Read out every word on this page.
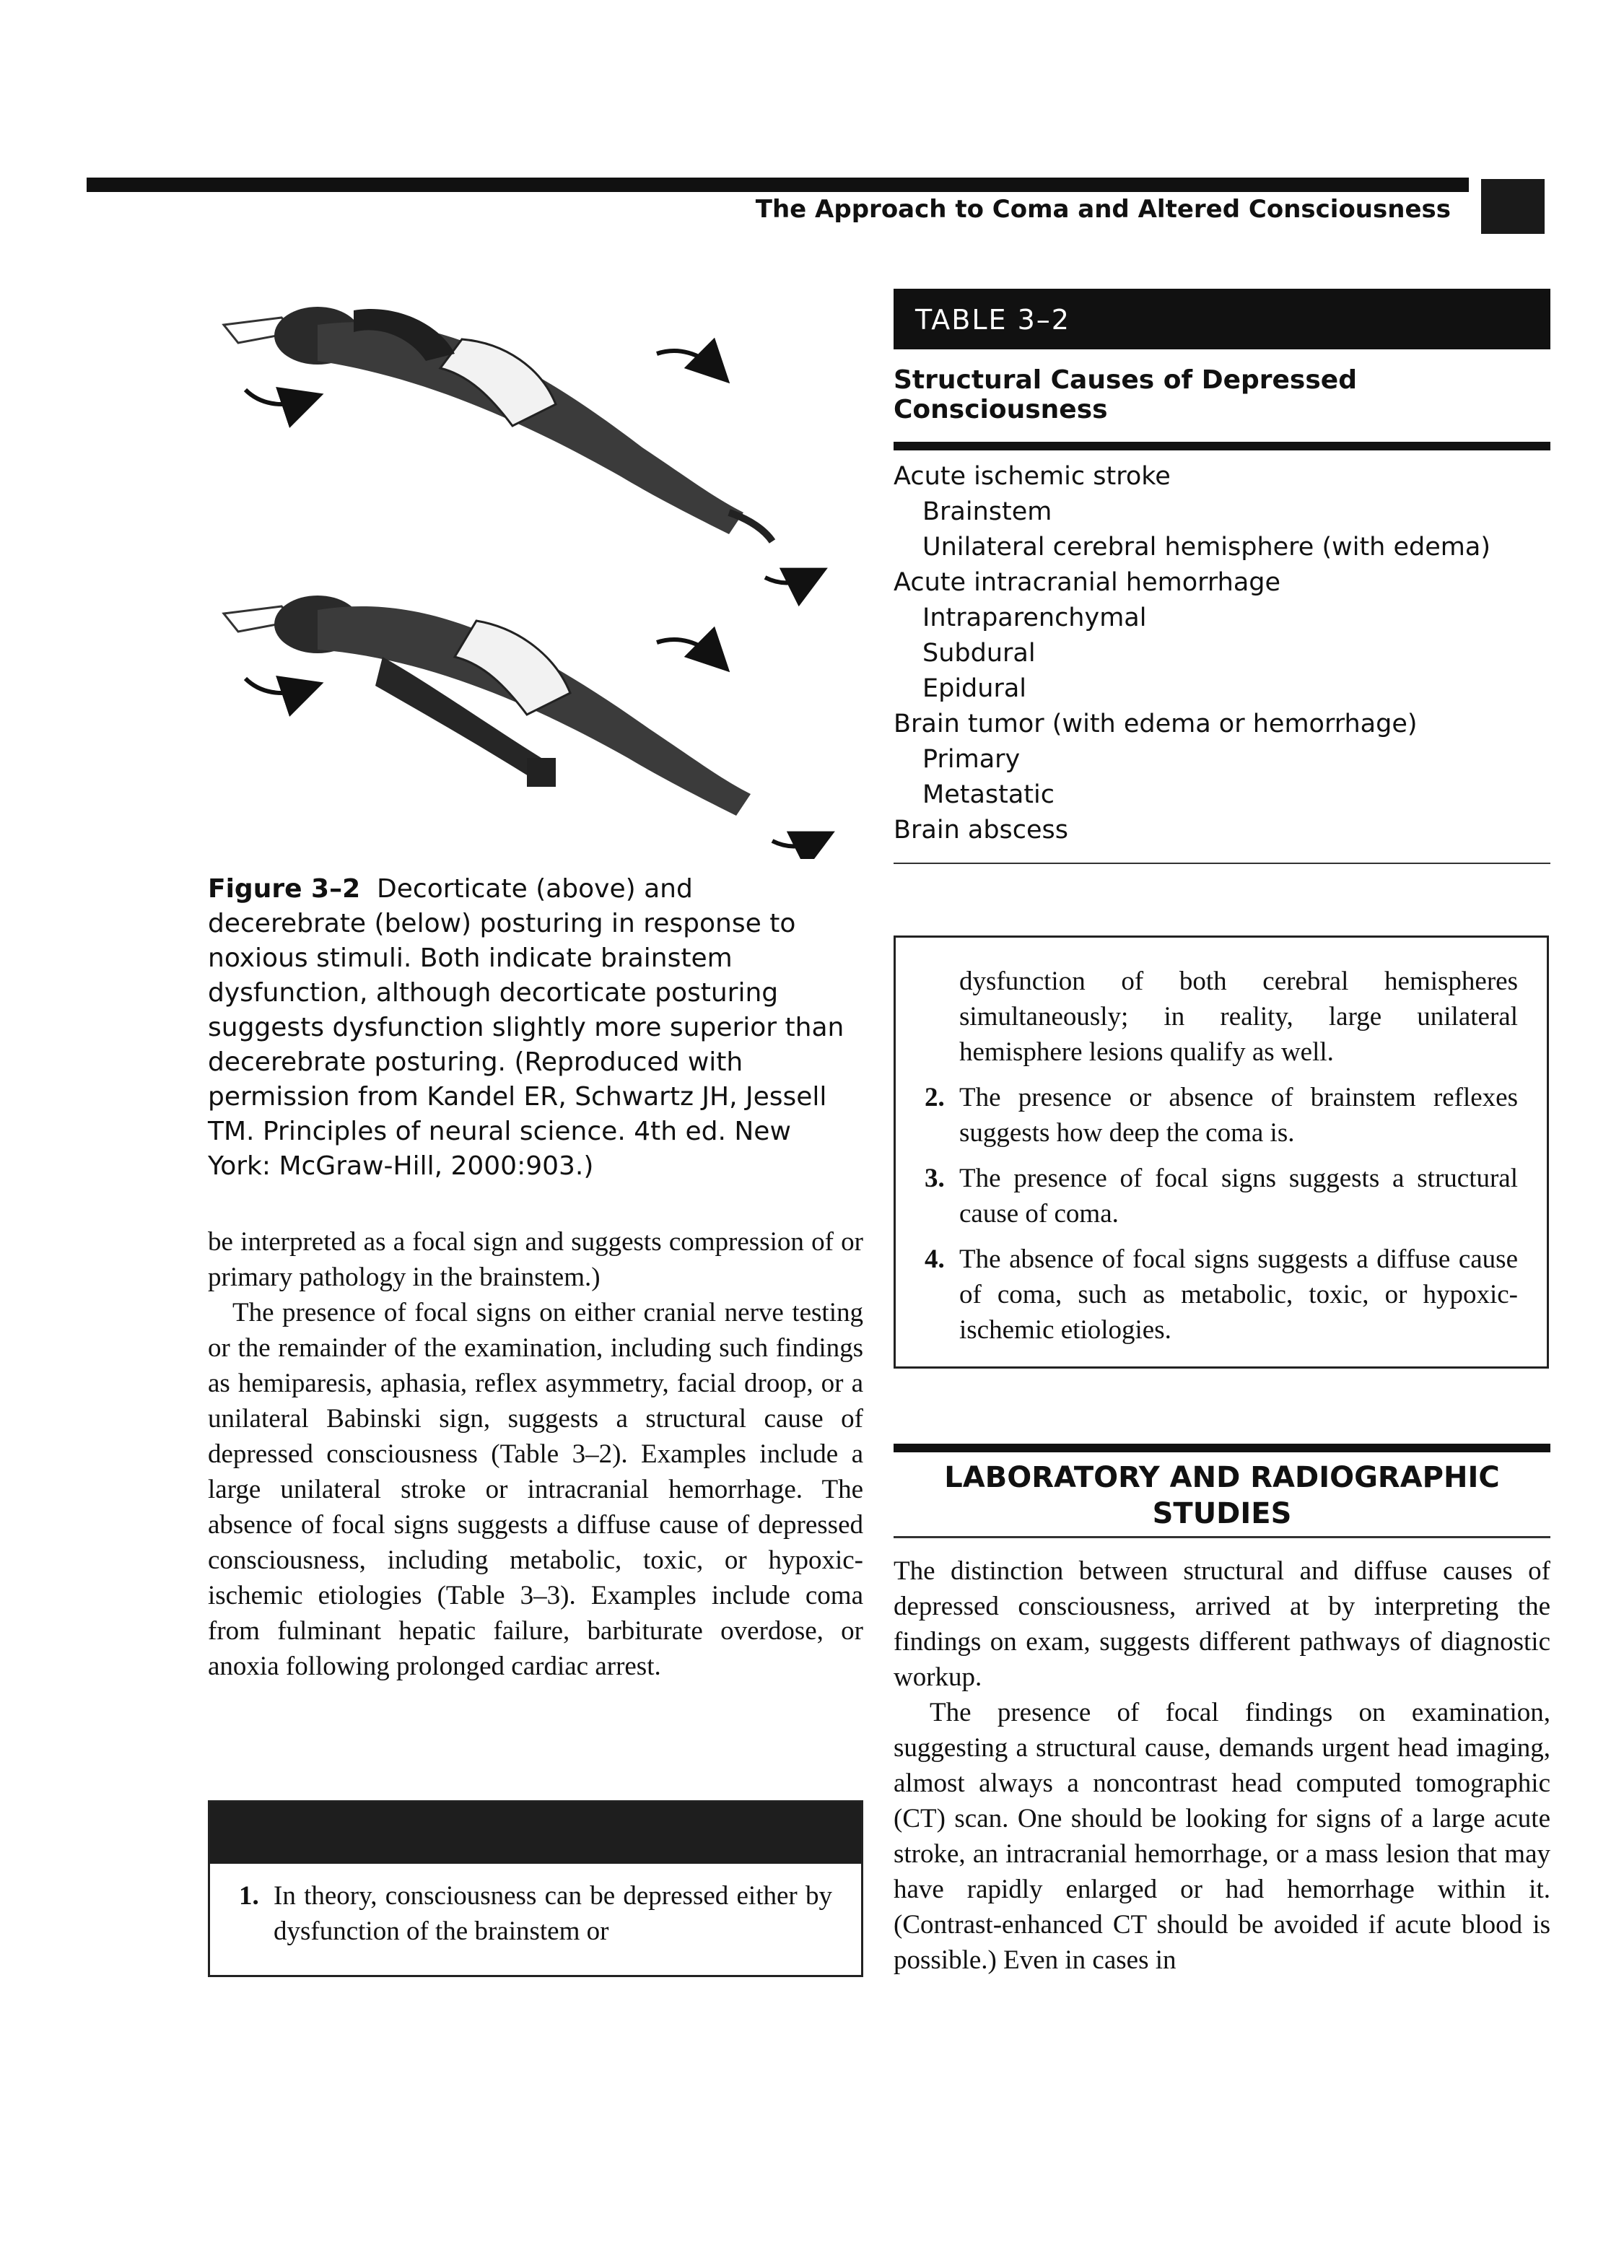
The Approach to Coma and Altered Consciousness
Figure 3–2 Decorticate (above) and decerebrate (below) posturing in response to noxious stimuli. Both indicate brainstem dysfunction, although decorticate posturing suggests dysfunction slightly more superior than decerebrate posturing. (Reproduced with permission from Kandel ER, Schwartz JH, Jessell TM. Principles of neural science. 4th ed. New York: McGraw-Hill, 2000:903.)

be interpreted as a focal sign and suggests compression of or primary pathology in the brainstem.)

The presence of focal signs on either cranial nerve testing or the remainder of the examination, including such findings as hemiparesis, aphasia, reflex asymmetry, facial droop, or a unilateral Babinski sign, suggests a structural cause of depressed consciousness (Table 3–2). Examples include a large unilateral stroke or intracranial hemorrhage. The absence of focal signs suggests a diffuse cause of depressed consciousness, including metabolic, toxic, or hypoxic-ischemic etiologies (Table 3–3). Examples include coma from fulminant hepatic failure, barbiturate overdose, or anoxia following prolonged cardiac arrest.

1. In theory, consciousness can be depressed either by dysfunction of the brainstem or
TABLE 3–2
Structural Causes of Depressed Consciousness
Acute ischemic stroke
Brainstem
Unilateral cerebral hemisphere (with edema)
Acute intracranial hemorrhage
Intraparenchymal
Subdural
Epidural
Brain tumor (with edema or hemorrhage)
Primary
Metastatic
Brain abscess
dysfunction of both cerebral hemispheres simultaneously; in reality, large unilateral hemisphere lesions qualify as well.
2. The presence or absence of brainstem reflexes suggests how deep the coma is.
3. The presence of focal signs suggests a structural cause of coma.
4. The absence of focal signs suggests a diffuse cause of coma, such as metabolic, toxic, or hypoxic-ischemic etiologies.
LABORATORY AND RADIOGRAPHIC
STUDIES

The distinction between structural and diffuse causes of depressed consciousness, arrived at by interpreting the findings on exam, suggests different pathways of diagnostic workup.

The presence of focal findings on examination, suggesting a structural cause, demands urgent head imaging, almost always a noncontrast head computed tomographic (CT) scan. One should be looking for signs of a large acute stroke, an intracranial hemorrhage, or a mass lesion that may have rapidly enlarged or had hemorrhage within it. (Contrast-enhanced CT should be avoided if acute blood is possible.) Even in cases in
